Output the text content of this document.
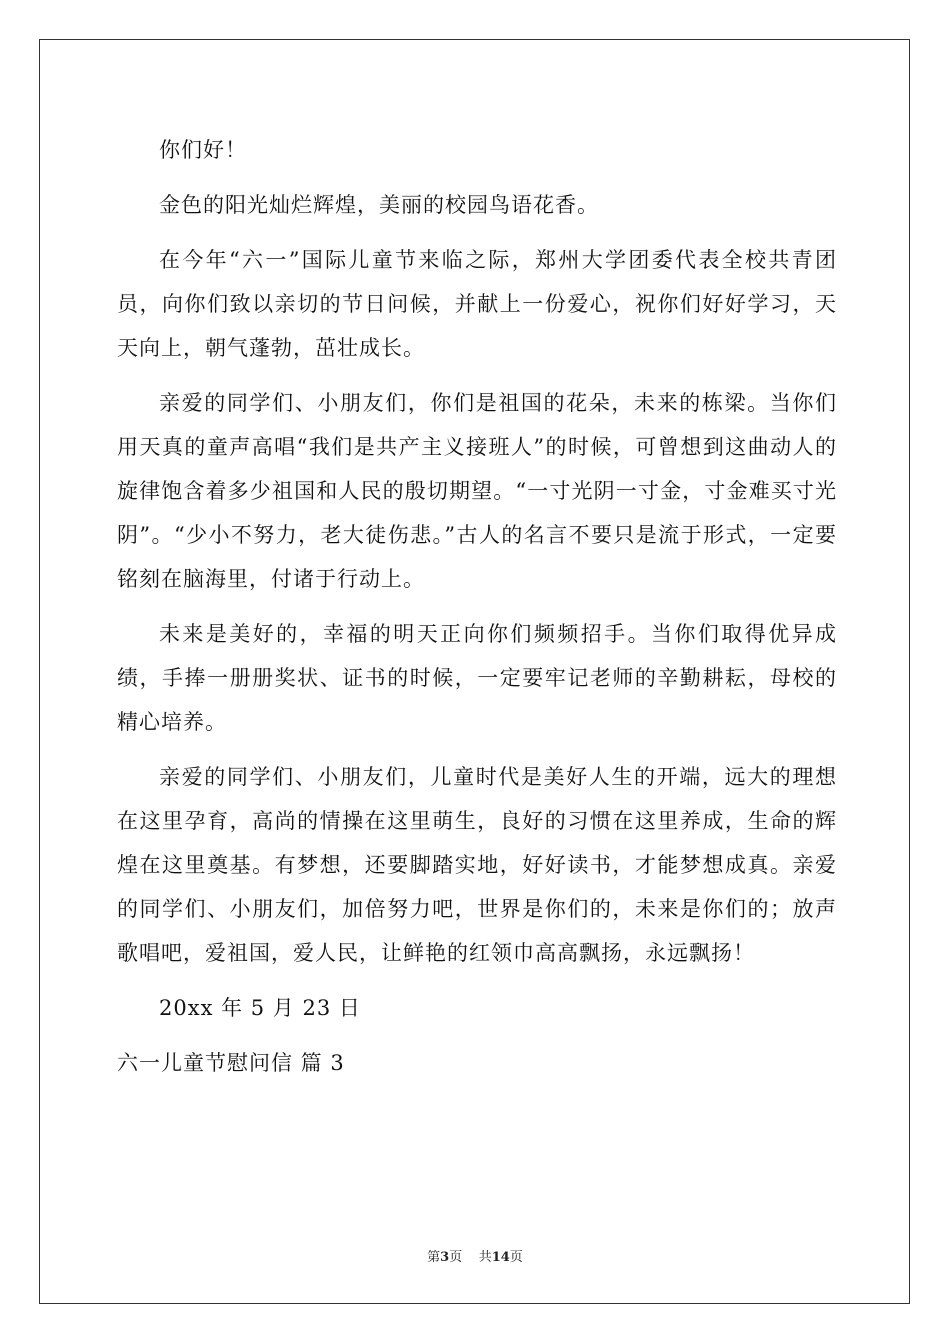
你们好！

金色的阳光灿烂辉煌，美丽的校园鸟语花香。

在今年“六一”国际儿童节来临之际，郑州大学团委代表全校共青团员，向你们致以亲切的节日问候，并献上一份爱心，祝你们好好学习，天天向上，朝气蓬勃，茁壮成长。

亲爱的同学们、小朋友们，你们是祖国的花朵，未来的栋梁。当你们用天真的童声高唱“我们是共产主义接班人”的时候，可曾想到这曲动人的旋律饱含着多少祖国和人民的殷切期望。“一寸光阴一寸金，寸金难买寸光阴”。“少小不努力，老大徒伤悲。”古人的名言不要只是流于形式，一定要铭刻在脑海里，付诸于行动上。

未来是美好的，幸福的明天正向你们频频招手。当你们取得优异成绩，手捧一册册奖状、证书的时候，一定要牢记老师的辛勤耕耘，母校的精心培养。

亲爱的同学们、小朋友们，儿童时代是美好人生的开端，远大的理想在这里孕育，高尚的情操在这里萌生，良好的习惯在这里养成，生命的辉煌在这里奠基。有梦想，还要脚踏实地，好好读书，才能梦想成真。亲爱的同学们、小朋友们，加倍努力吧，世界是你们的，未来是你们的；放声歌唱吧，爱祖国，爱人民，让鲜艳的红领巾高高飘扬，永远飘扬！

20xx 年 5 月 23 日

六一儿童节慰问信 篇 3

第3页    共14页
